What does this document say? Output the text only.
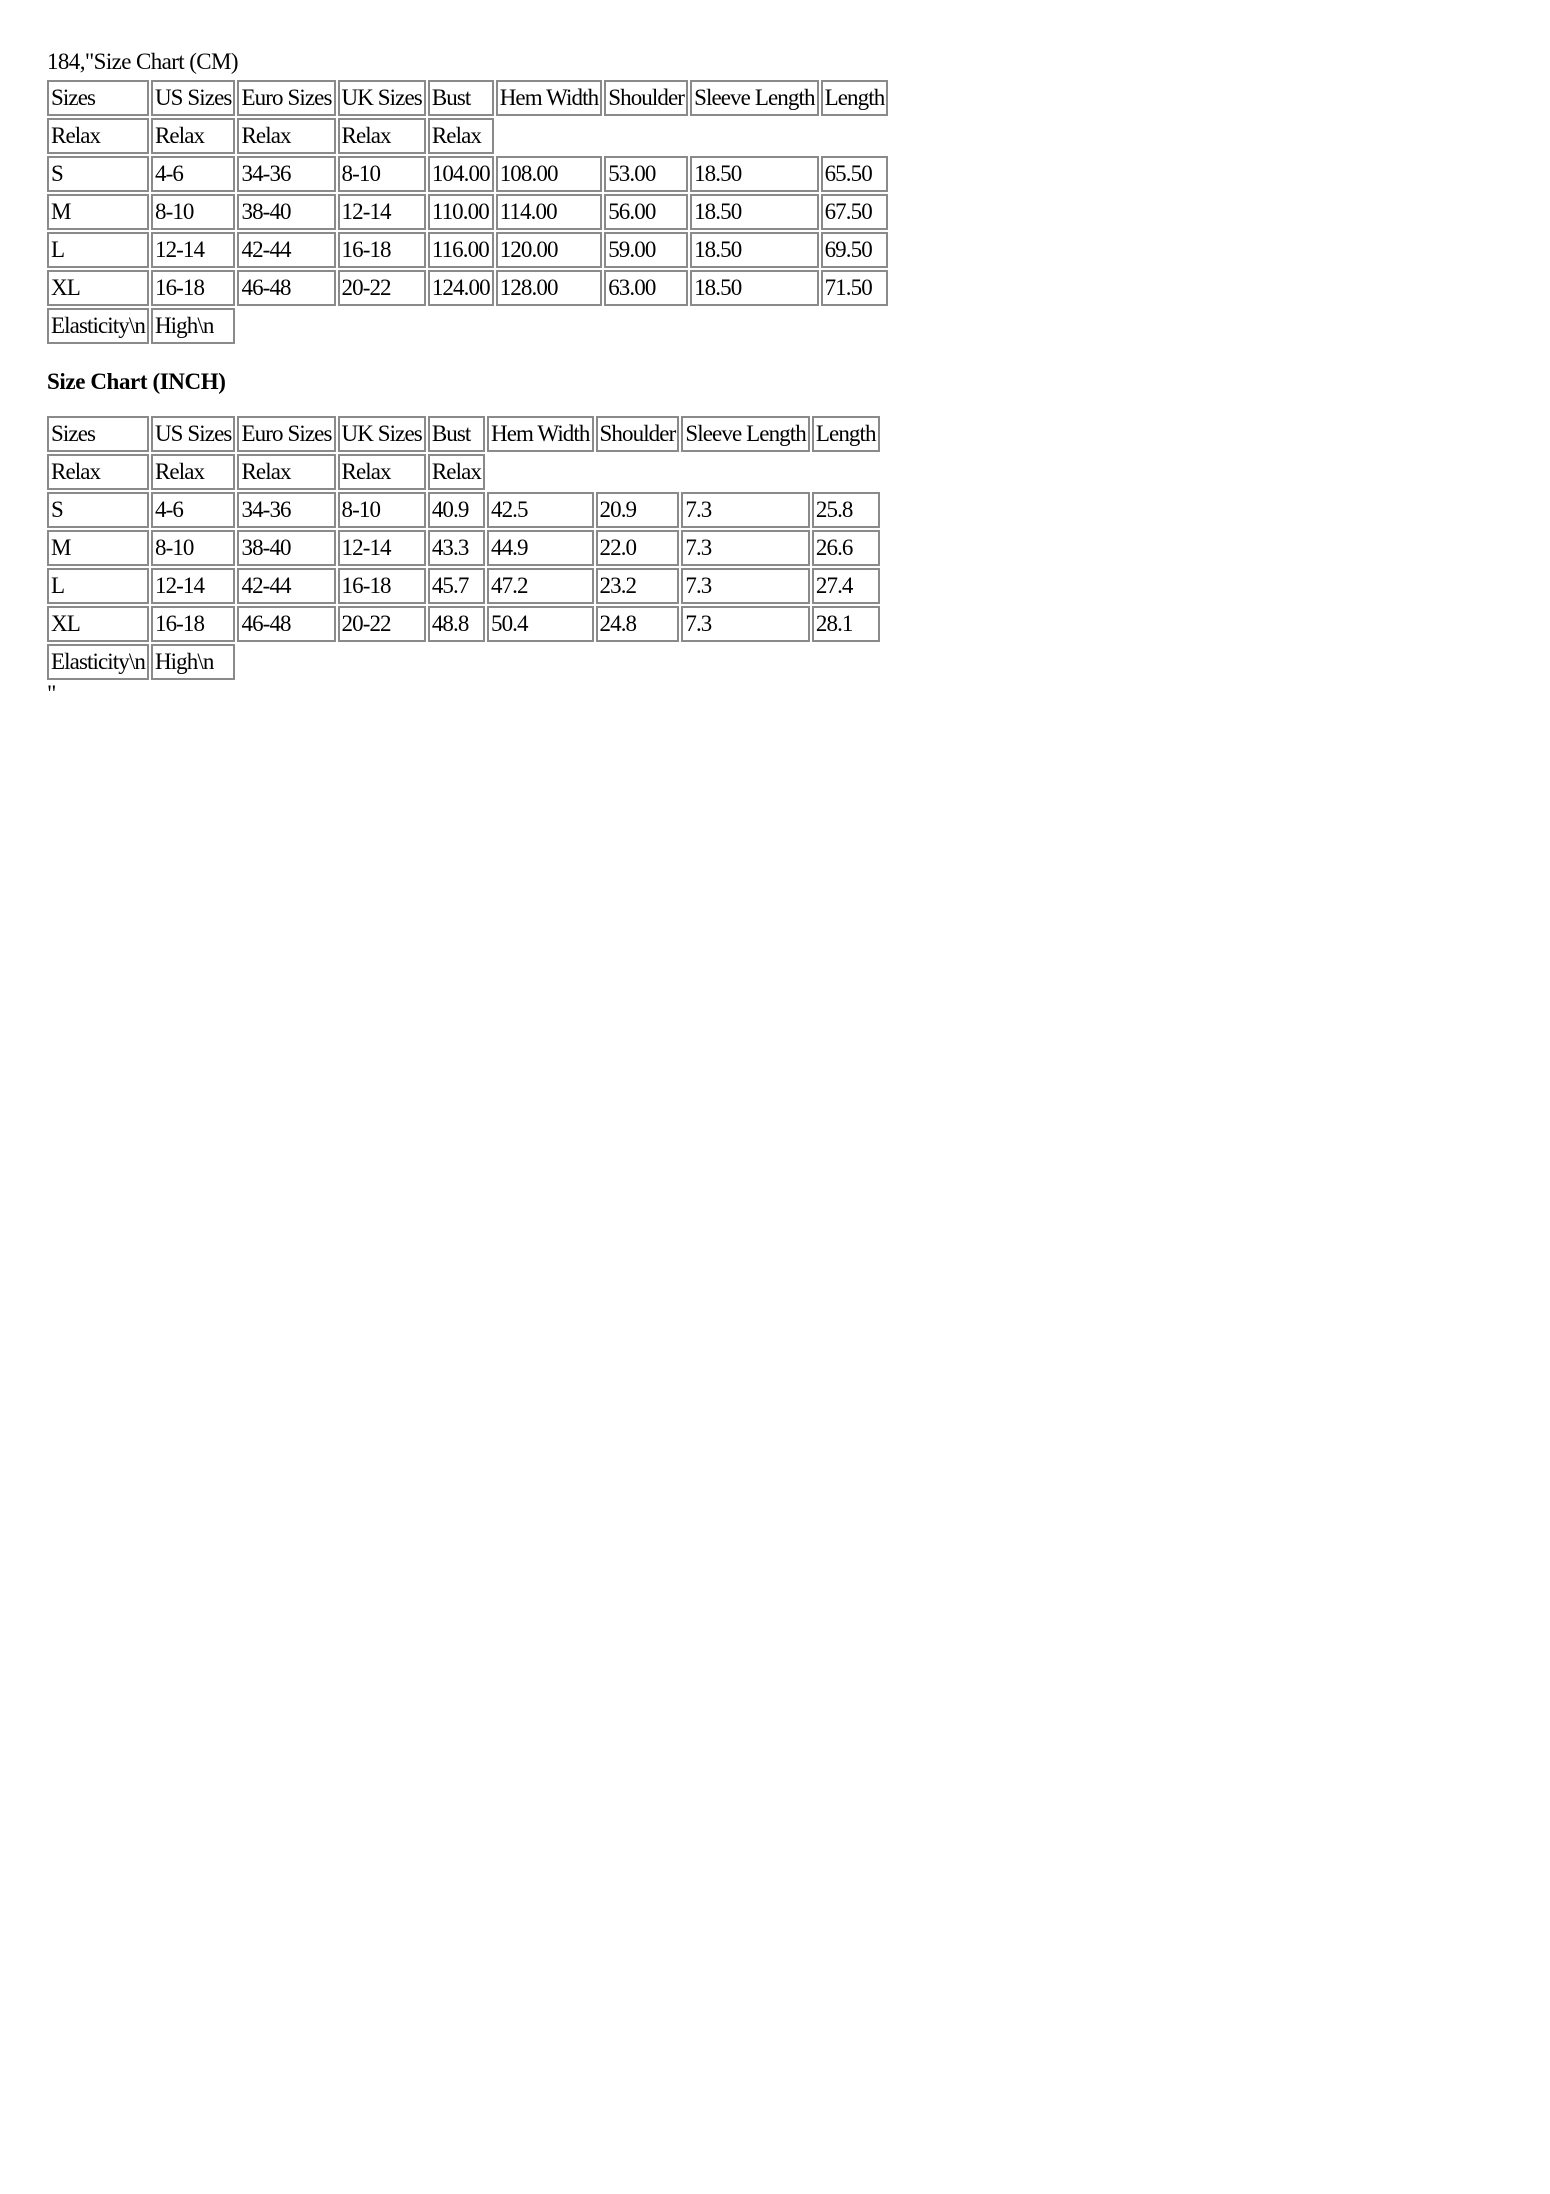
184,"Size Chart (CM)
Sizes	US Sizes	Euro Sizes	UK Sizes	Bust	Hem Width	Shoulder	Sleeve Length	Length
Relax	Relax	Relax	Relax	Relax				
S	4-6	34-36	8-10	104.00	108.00	53.00	18.50	65.50
M	8-10	38-40	12-14	110.00	114.00	56.00	18.50	67.50
L	12-14	42-44	16-18	116.00	120.00	59.00	18.50	69.50
XL	16-18	46-48	20-22	124.00	128.00	63.00	18.50	71.50
Elasticity\n	High\n							
Size Chart (INCH)
Sizes	US Sizes	Euro Sizes	UK Sizes	Bust	Hem Width	Shoulder	Sleeve Length	Length
Relax	Relax	Relax	Relax	Relax				
S	4-6	34-36	8-10	40.9	42.5	20.9	7.3	25.8
M	8-10	38-40	12-14	43.3	44.9	22.0	7.3	26.6
L	12-14	42-44	16-18	45.7	47.2	23.2	7.3	27.4
XL	16-18	46-48	20-22	48.8	50.4	24.8	7.3	28.1
Elasticity\n	High\n							
"
